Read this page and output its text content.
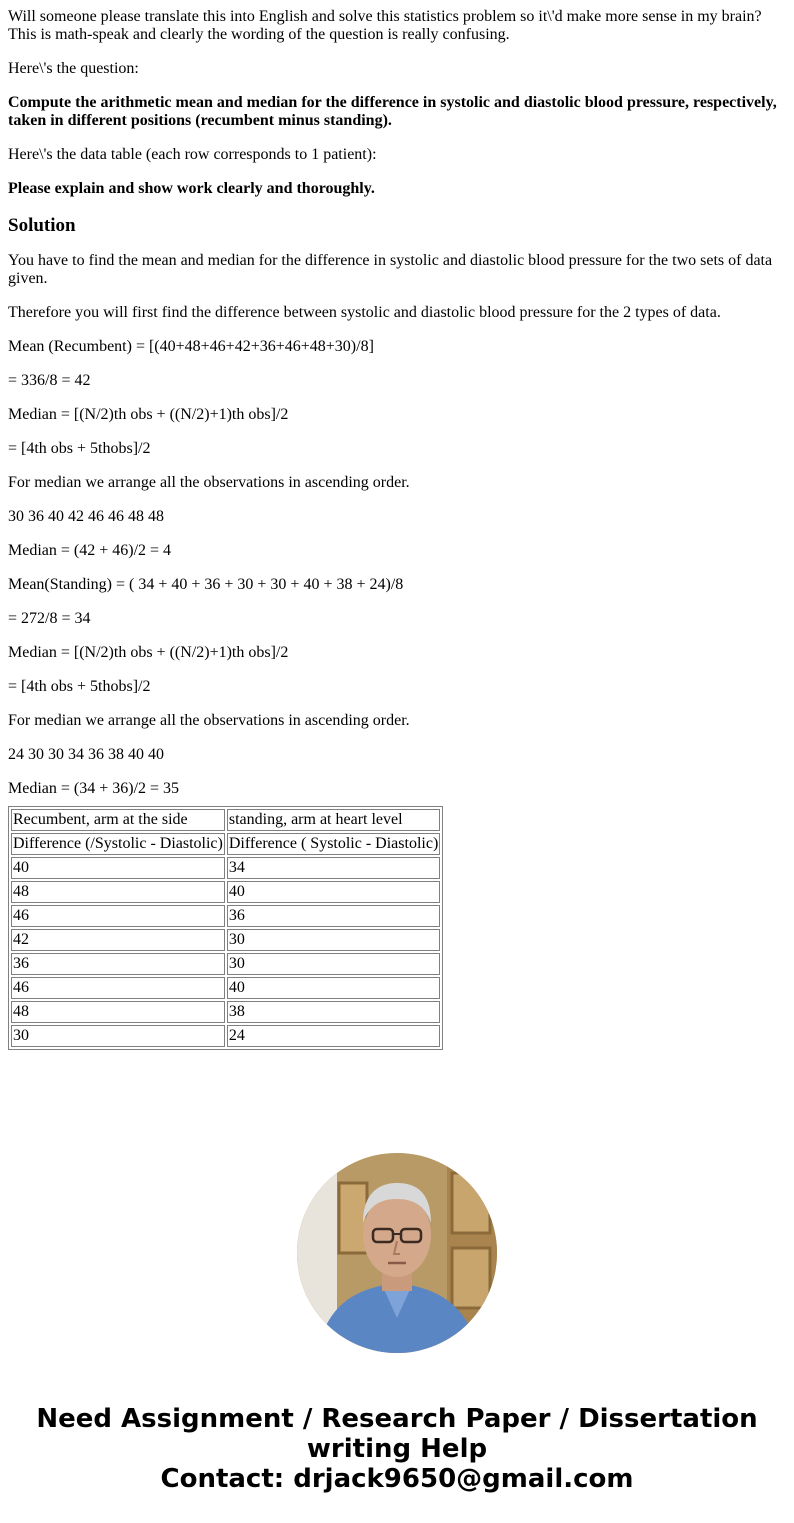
Will someone please translate this into English and solve this statistics problem so it\'d make more sense in my brain? This is math-speak and clearly the wording of the question is really confusing.

Here\'s the question:

Compute the arithmetic mean and median for the difference in systolic and diastolic blood pressure, respectively, taken in different positions (recumbent minus standing).

Here\'s the data table (each row corresponds to 1 patient):

Please explain and show work clearly and thoroughly.

Solution

You have to find the mean and median for the difference in systolic and diastolic blood pressure for the two sets of data given.

Therefore you will first find the difference between systolic and diastolic blood pressure for the 2 types of data.

Mean (Recumbent) = [(40+48+46+42+36+46+48+30)/8]

= 336/8 = 42

Median = [(N/2)th obs + ((N/2)+1)th obs]/2

= [4th obs + 5thobs]/2

For median we arrange all the observations in ascending order.

30 36 40 42 46 46 48 48

Median = (42 + 46)/2 = 4

Mean(Standing) = ( 34 + 40 + 36 + 30 + 30 + 40 + 38 + 24)/8

= 272/8 = 34

Median = [(N/2)th obs + ((N/2)+1)th obs]/2

= [4th obs + 5thobs]/2

For median we arrange all the observations in ascending order.

24 30 30 34 36 38 40 40

Median = (34 + 36)/2 = 35

Recumbent, arm at the side	standing, arm at heart level
Difference (/Systolic - Diastolic)	Difference ( Systolic - Diastolic)
40	34
48	40
46	36
42	30
36	30
46	40
48	38
30	24
Need Assignment / Research Paper / Dissertation
writing Help
Contact: drjack9650@gmail.com
